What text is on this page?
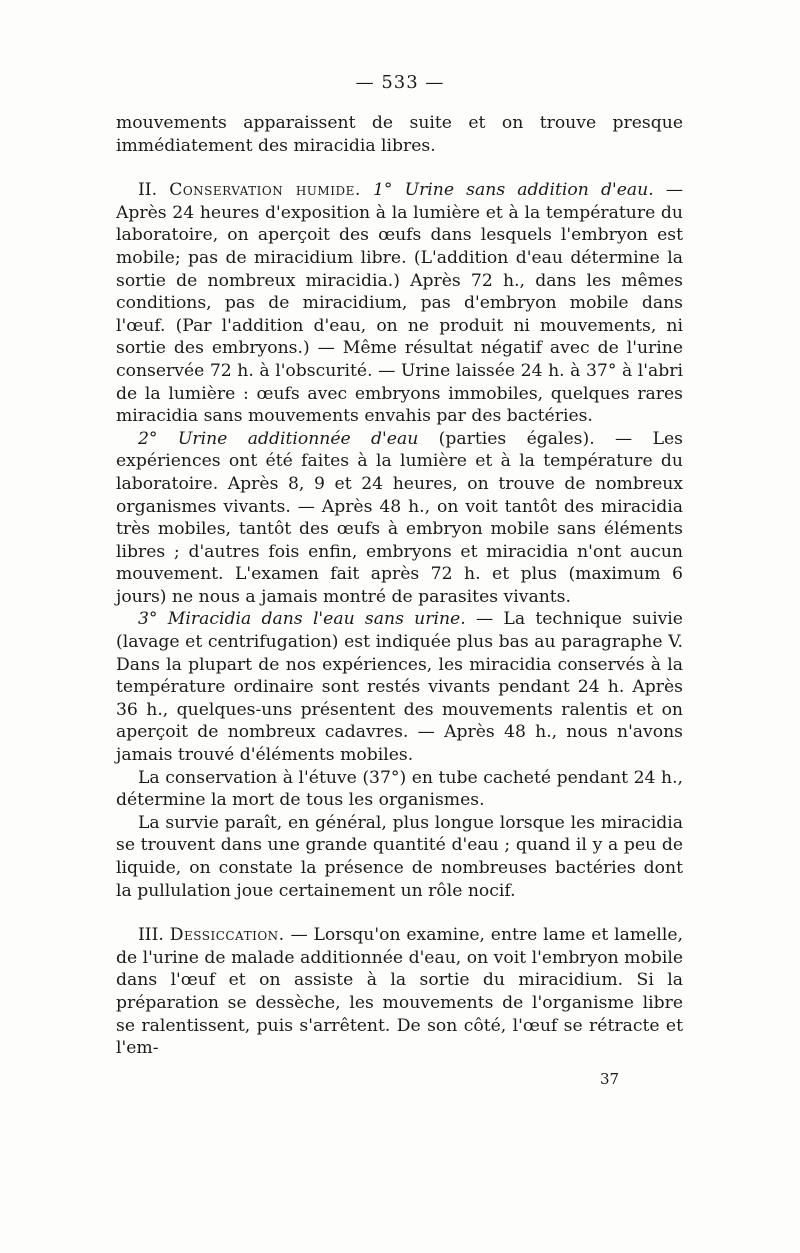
— 533 —

mouvements apparaissent de suite et on trouve presque immédiatement des miracidia libres.

II. Conservation humide. 1° Urine sans addition d'eau. — Après 24 heures d'exposition à la lumière et à la température du laboratoire, on aperçoit des œufs dans lesquels l'embryon est mobile; pas de miracidium libre. (L'addition d'eau détermine la sortie de nombreux miracidia.) Après 72 h., dans les mêmes conditions, pas de miracidium, pas d'embryon mobile dans l'œuf. (Par l'addition d'eau, on ne produit ni mouvements, ni sortie des embryons.) — Même résultat négatif avec de l'urine conservée 72 h. à l'obscurité. — Urine laissée 24 h. à 37° à l'abri de la lumière : œufs avec embryons immobiles, quelques rares miracidia sans mouvements envahis par des bactéries.

2° Urine additionnée d'eau (parties égales). — Les expériences ont été faites à la lumière et à la température du laboratoire. Après 8, 9 et 24 heures, on trouve de nombreux organismes vivants. — Après 48 h., on voit tantôt des miracidia très mobiles, tantôt des œufs à embryon mobile sans éléments libres ; d'autres fois enfin, embryons et miracidia n'ont aucun mouvement. L'examen fait après 72 h. et plus (maximum 6 jours) ne nous a jamais montré de parasites vivants.

3° Miracidia dans l'eau sans urine. — La technique suivie (lavage et centrifugation) est indiquée plus bas au paragraphe V. Dans la plupart de nos expériences, les miracidia conservés à la température ordinaire sont restés vivants pendant 24 h. Après 36 h., quelques-uns présentent des mouvements ralentis et on aperçoit de nombreux cadavres. — Après 48 h., nous n'avons jamais trouvé d'éléments mobiles.

La conservation à l'étuve (37°) en tube cacheté pendant 24 h., détermine la mort de tous les organismes.

La survie paraît, en général, plus longue lorsque les miracidia se trouvent dans une grande quantité d'eau ; quand il y a peu de liquide, on constate la présence de nombreuses bactéries dont la pullulation joue certainement un rôle nocif.

III. Dessiccation. — Lorsqu'on examine, entre lame et lamelle, de l'urine de malade additionnée d'eau, on voit l'embryon mobile dans l'œuf et on assiste à la sortie du miracidium. Si la préparation se dessèche, les mouvements de l'organisme libre se ralentissent, puis s'arrêtent. De son côté, l'œuf se rétracte et l'em-

37
